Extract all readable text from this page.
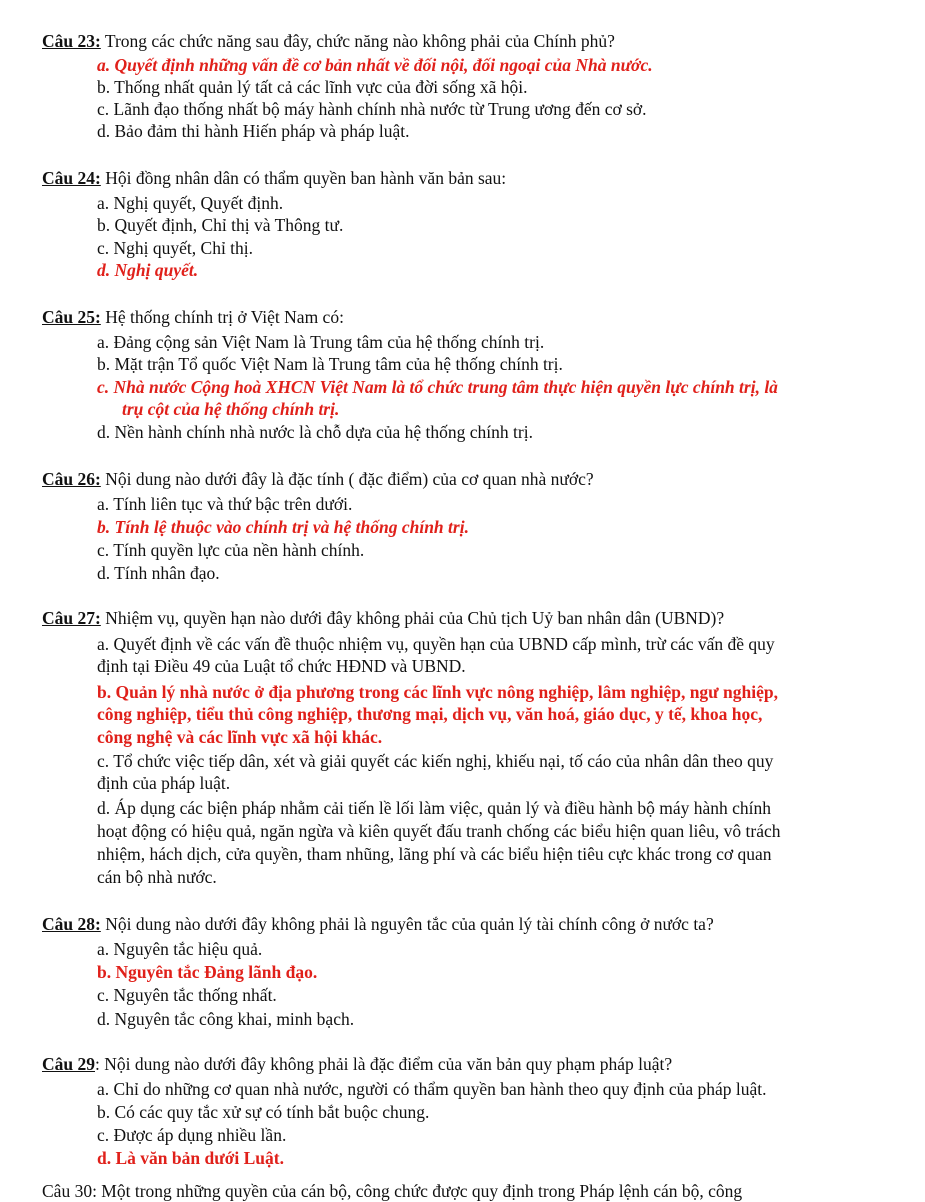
Câu 23: Trong các chức năng sau đây, chức năng nào không phải của Chính phủ?
a. Quyết định những vấn đề cơ bản nhất về đối nội, đối ngoại của Nhà nước.
b. Thống nhất quản lý tất cả các lĩnh vực của đời sống xã hội.
c. Lãnh đạo thống nhất bộ máy hành chính nhà nước từ Trung ương đến cơ sở.
d. Bảo đảm thi hành Hiến pháp và pháp luật.
Câu 24: Hội đồng nhân dân có thẩm quyền ban hành văn bản sau:
a. Nghị quyết, Quyết định.
b. Quyết định, Chỉ thị và Thông tư.
c. Nghị quyết, Chỉ thị.
d. Nghị quyết.
Câu 25: Hệ thống chính trị ở Việt Nam có:
a. Đảng cộng sản Việt Nam là Trung tâm của hệ thống chính trị.
b. Mặt trận Tổ quốc Việt Nam là Trung tâm của hệ thống chính trị.
c. Nhà nước Cộng hoà XHCN Việt Nam là tổ chức trung tâm thực hiện quyền lực chính trị, là
trụ cột của hệ thống chính trị.
d. Nền hành chính nhà nước là chỗ dựa của hệ thống chính trị.
Câu 26: Nội dung nào dưới đây là đặc tính ( đặc điểm) của cơ quan nhà nước?
a. Tính liên tục và thứ bậc trên dưới.
b. Tính lệ thuộc vào chính trị và hệ thống chính trị.
c. Tính quyền lực của nền hành chính.
d. Tính nhân đạo.
Câu 27: Nhiệm vụ, quyền hạn nào dưới đây không phải của Chủ tịch Uỷ ban nhân dân (UBND)?
a. Quyết định về các vấn đề thuộc nhiệm vụ, quyền hạn của UBND cấp mình, trừ các vấn đề quy
định tại Điều 49 của Luật tổ chức HĐND và UBND.
b. Quản lý nhà nước ở địa phương trong các lĩnh vực nông nghiệp, lâm nghiệp, ngư nghiệp,
công nghiệp, tiểu thủ công nghiệp, thương mại, dịch vụ, văn hoá, giáo dục, y tế, khoa học,
công nghệ và các lĩnh vực xã hội khác.
c. Tổ chức việc tiếp dân, xét và giải quyết các kiến nghị, khiếu nại, tố cáo của nhân dân theo quy
định của pháp luật.
d. Áp dụng các biện pháp nhằm cải tiến lề lối làm việc, quản lý và điều hành bộ máy hành chính
hoạt động có hiệu quả, ngăn ngừa và kiên quyết đấu tranh chống các biểu hiện quan liêu, vô trách
nhiệm, hách dịch, cửa quyền, tham nhũng, lãng phí và các biểu hiện tiêu cực khác trong cơ quan
cán bộ nhà nước.
Câu 28: Nội dung nào dưới đây không phải là nguyên tắc của quản lý tài chính công ở nước ta?
a. Nguyên tắc hiệu quả.
b. Nguyên tắc Đảng lãnh đạo.
c. Nguyên tắc thống nhất.
d. Nguyên tắc công khai, minh bạch.
Câu 29: Nội dung nào dưới đây không phải là đặc điểm của văn bản quy phạm pháp luật?
a. Chỉ do những cơ quan nhà nước, người có thẩm quyền ban hành theo quy định của pháp luật.
b. Có các quy tắc xử sự có tính bắt buộc chung.
c. Được áp dụng nhiều lần.
d. Là văn bản dưới Luật.
Câu 30: Một trong những quyền của cán bộ, công chức được quy định trong Pháp lệnh cán bộ, công
